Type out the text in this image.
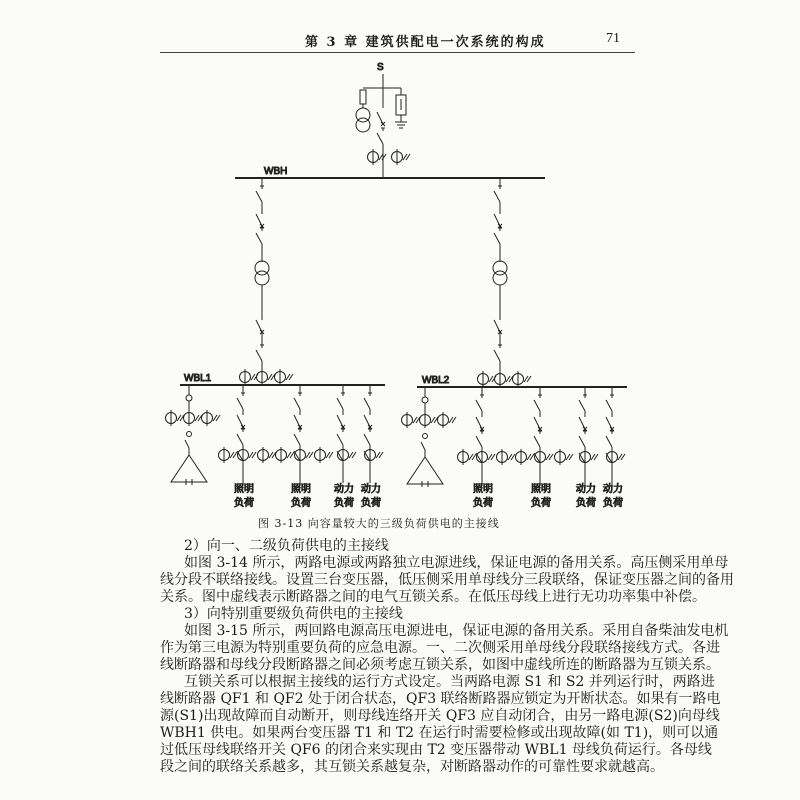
第 3 章 建筑供配电一次系统的构成	71
S
WBH
WBL1	WBL2
照明
负荷
照明
负荷
动力
负荷
动力
负荷
照明
负荷
照明
负荷
动力
负荷
动力
负荷
图 3-13 向容量较大的三级负荷供电的主接线
2）向一、二级负荷供电的主接线
如图 3-14 所示，两路电源或两路独立电源进线，保证电源的备用关系。高压侧采用单母
线分段不联络接线。设置三台变压器，低压侧采用单母线分三段联络，保证变压器之间的备用
关系。图中虚线表示断路器之间的电气互锁关系。在低压母线上进行无功功率集中补偿。
3）向特别重要级负荷供电的主接线
如图 3-15 所示，两回路电源高压电源进电，保证电源的备用关系。采用自备柴油发电机
作为第三电源为特别重要负荷的应急电源。一、二次侧采用单母线分段联络接线方式。各进
线断路器和母线分段断路器之间必须考虑互锁关系，如图中虚线所连的断路器为互锁关系。
互锁关系可以根据主接线的运行方式设定。当两路电源 S1 和 S2 并列运行时，两路进
线断路器 QF1 和 QF2 处于闭合状态，QF3 联络断路器应锁定为开断状态。如果有一路电
源(S1)出现故障而自动断开，则母线连络开关 QF3 应自动闭合，由另一路电源(S2)向母线
WBH1 供电。如果两台变压器 T1 和 T2 在运行时需要检修或出现故障(如 T1)，则可以通
过低压母线联络开关 QF6 的闭合来实现由 T2 变压器带动 WBL1 母线负荷运行。各母线
段之间的联络关系越多，其互锁关系越复杂，对断路器动作的可靠性要求就越高。
